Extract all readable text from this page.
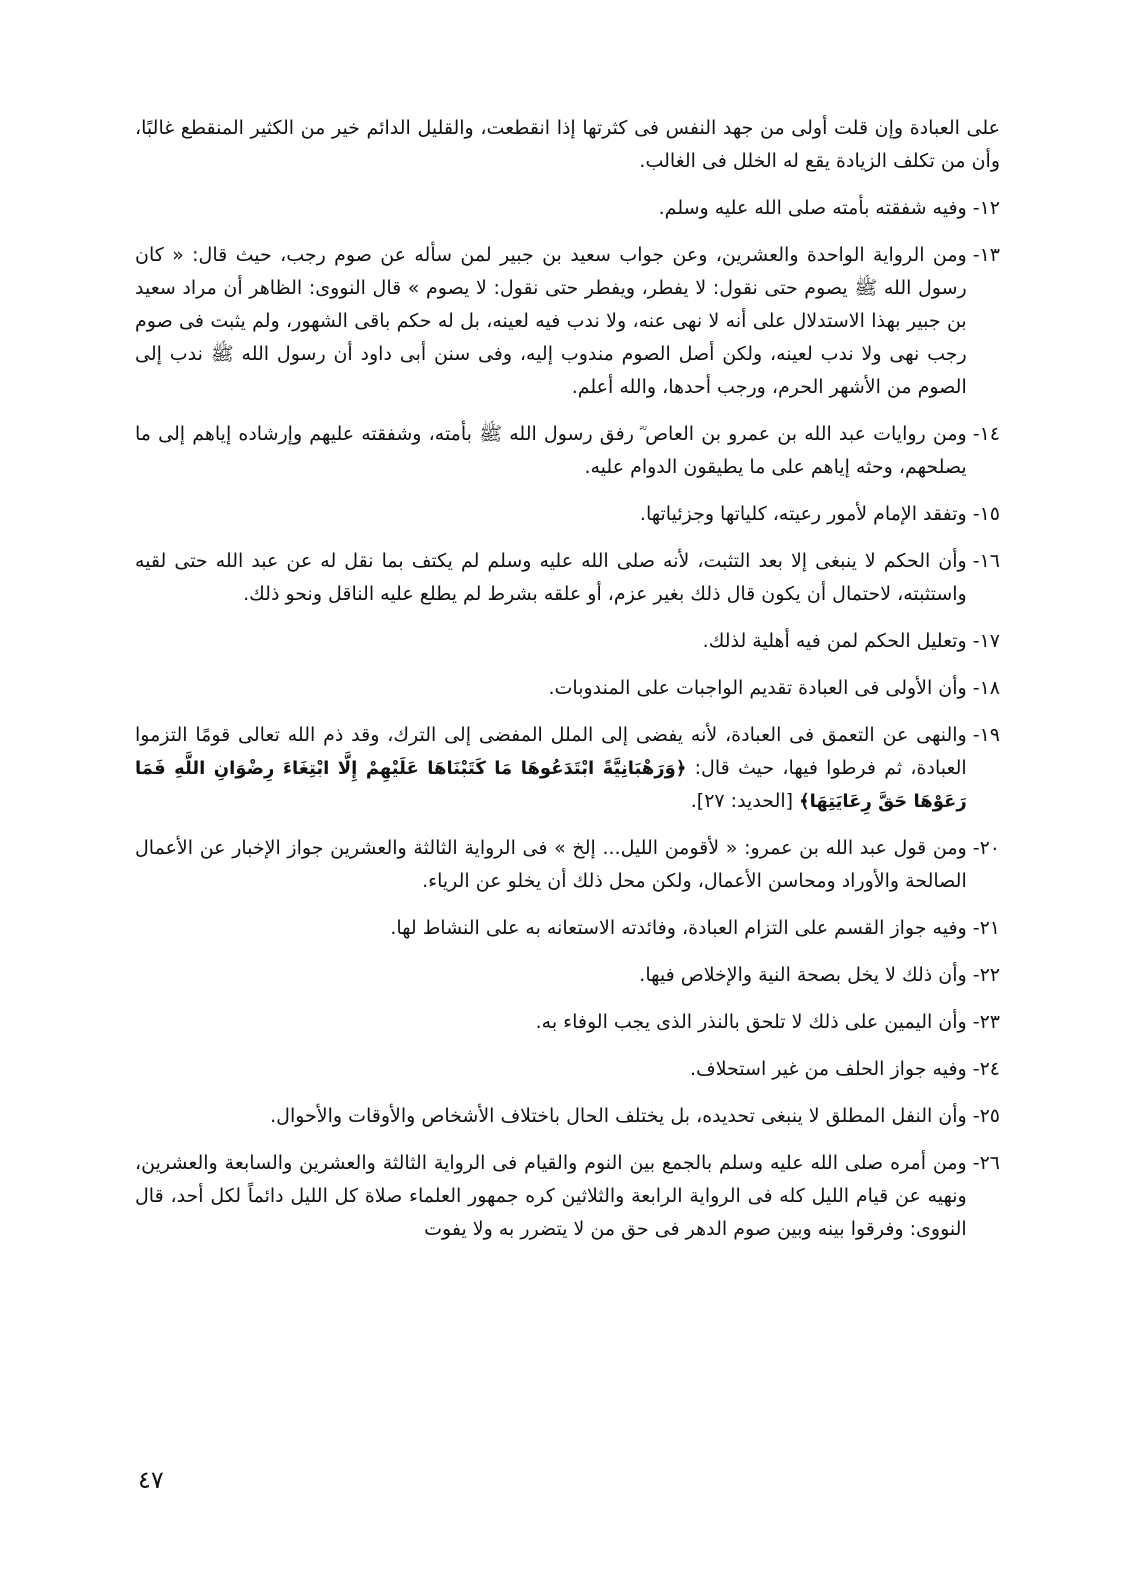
على العبادة وإن قلت أولى من جهد النفس فى كثرتها إذا انقطعت، والقليل الدائم خير من الكثير المنقطع غالبًا، وأن من تكلف الزيادة يقع له الخلل فى الغالب.

١٢-
وفيه شفقته بأمته صلى الله عليه وسلم.
١٣-
ومن الرواية الواحدة والعشرين، وعن جواب سعيد بن جبير لمن سأله عن صوم رجب، حيث قال: « كان رسول الله ﷺ يصوم حتى نقول: لا يفطر، ويفطر حتى نقول: لا يصوم » قال النووى: الظاهر أن مراد سعيد بن جبير بهذا الاستدلال على أنه لا نهى عنه، ولا ندب فيه لعينه، بل له حكم باقى الشهور، ولم يثبت فى صوم رجب نهى ولا ندب لعينه، ولكن أصل الصوم مندوب إليه، وفى سنن أبى داود أن رسول الله ﷺ ندب إلى الصوم من الأشهر الحرم، ورجب أحدها، والله أعلم.
١٤-
ومن روايات عبد الله بن عمرو بن العاص ؓ رفق رسول الله ﷺ بأمته، وشفقته عليهم وإرشاده إياهم إلى ما يصلحهم، وحثه إياهم على ما يطيقون الدوام عليه.
١٥-
وتفقد الإمام لأمور رعيته، كلياتها وجزئياتها.
١٦-
وأن الحكم لا ينبغى إلا بعد التثبت، لأنه صلى الله عليه وسلم لم يكتف بما نقل له عن عبد الله حتى لقيه واستثبته، لاحتمال أن يكون قال ذلك بغير عزم، أو علقه بشرط لم يطلع عليه الناقل ونحو ذلك.
١٧-
وتعليل الحكم لمن فيه أهلية لذلك.
١٨-
وأن الأولى فى العبادة تقديم الواجبات على المندوبات.
١٩-
والنهى عن التعمق فى العبادة، لأنه يفضى إلى الملل المفضى إلى الترك، وقد ذم الله تعالى قومًا التزموا العبادة، ثم فرطوا فيها، حيث قال: ﴿وَرَهْبَانِيَّةً ابْتَدَعُوهَا مَا كَتَبْنَاهَا عَلَيْهِمْ إِلَّا ابْتِغَاءَ رِضْوَانِ اللَّهِ فَمَا رَعَوْهَا حَقَّ رِعَايَتِهَا﴾ [الحديد: ٢٧].
٢٠-
ومن قول عبد الله بن عمرو: « لأقومن الليل... إلخ » فى الرواية الثالثة والعشرين جواز الإخبار عن الأعمال الصالحة والأوراد ومحاسن الأعمال، ولكن محل ذلك أن يخلو عن الرياء.
٢١-
وفيه جواز القسم على التزام العبادة، وفائدته الاستعانه به على النشاط لها.
٢٢-
وأن ذلك لا يخل بصحة النية والإخلاص فيها.
٢٣-
وأن اليمين على ذلك لا تلحق بالنذر الذى يجب الوفاء به.
٢٤-
وفيه جواز الحلف من غير استحلاف.
٢٥-
وأن النفل المطلق لا ينبغى تحديده، بل يختلف الحال باختلاف الأشخاص والأوقات والأحوال.
٢٦-
ومن أمره صلى الله عليه وسلم بالجمع بين النوم والقيام فى الرواية الثالثة والعشرين والسابعة والعشرين، ونهيه عن قيام الليل كله فى الرواية الرابعة والثلاثين كره جمهور العلماء صلاة كل الليل دائماً لكل أحد، قال النووى: وفرقوا بينه وبين صوم الدهر فى حق من لا يتضرر به ولا يفوت
٤٧
